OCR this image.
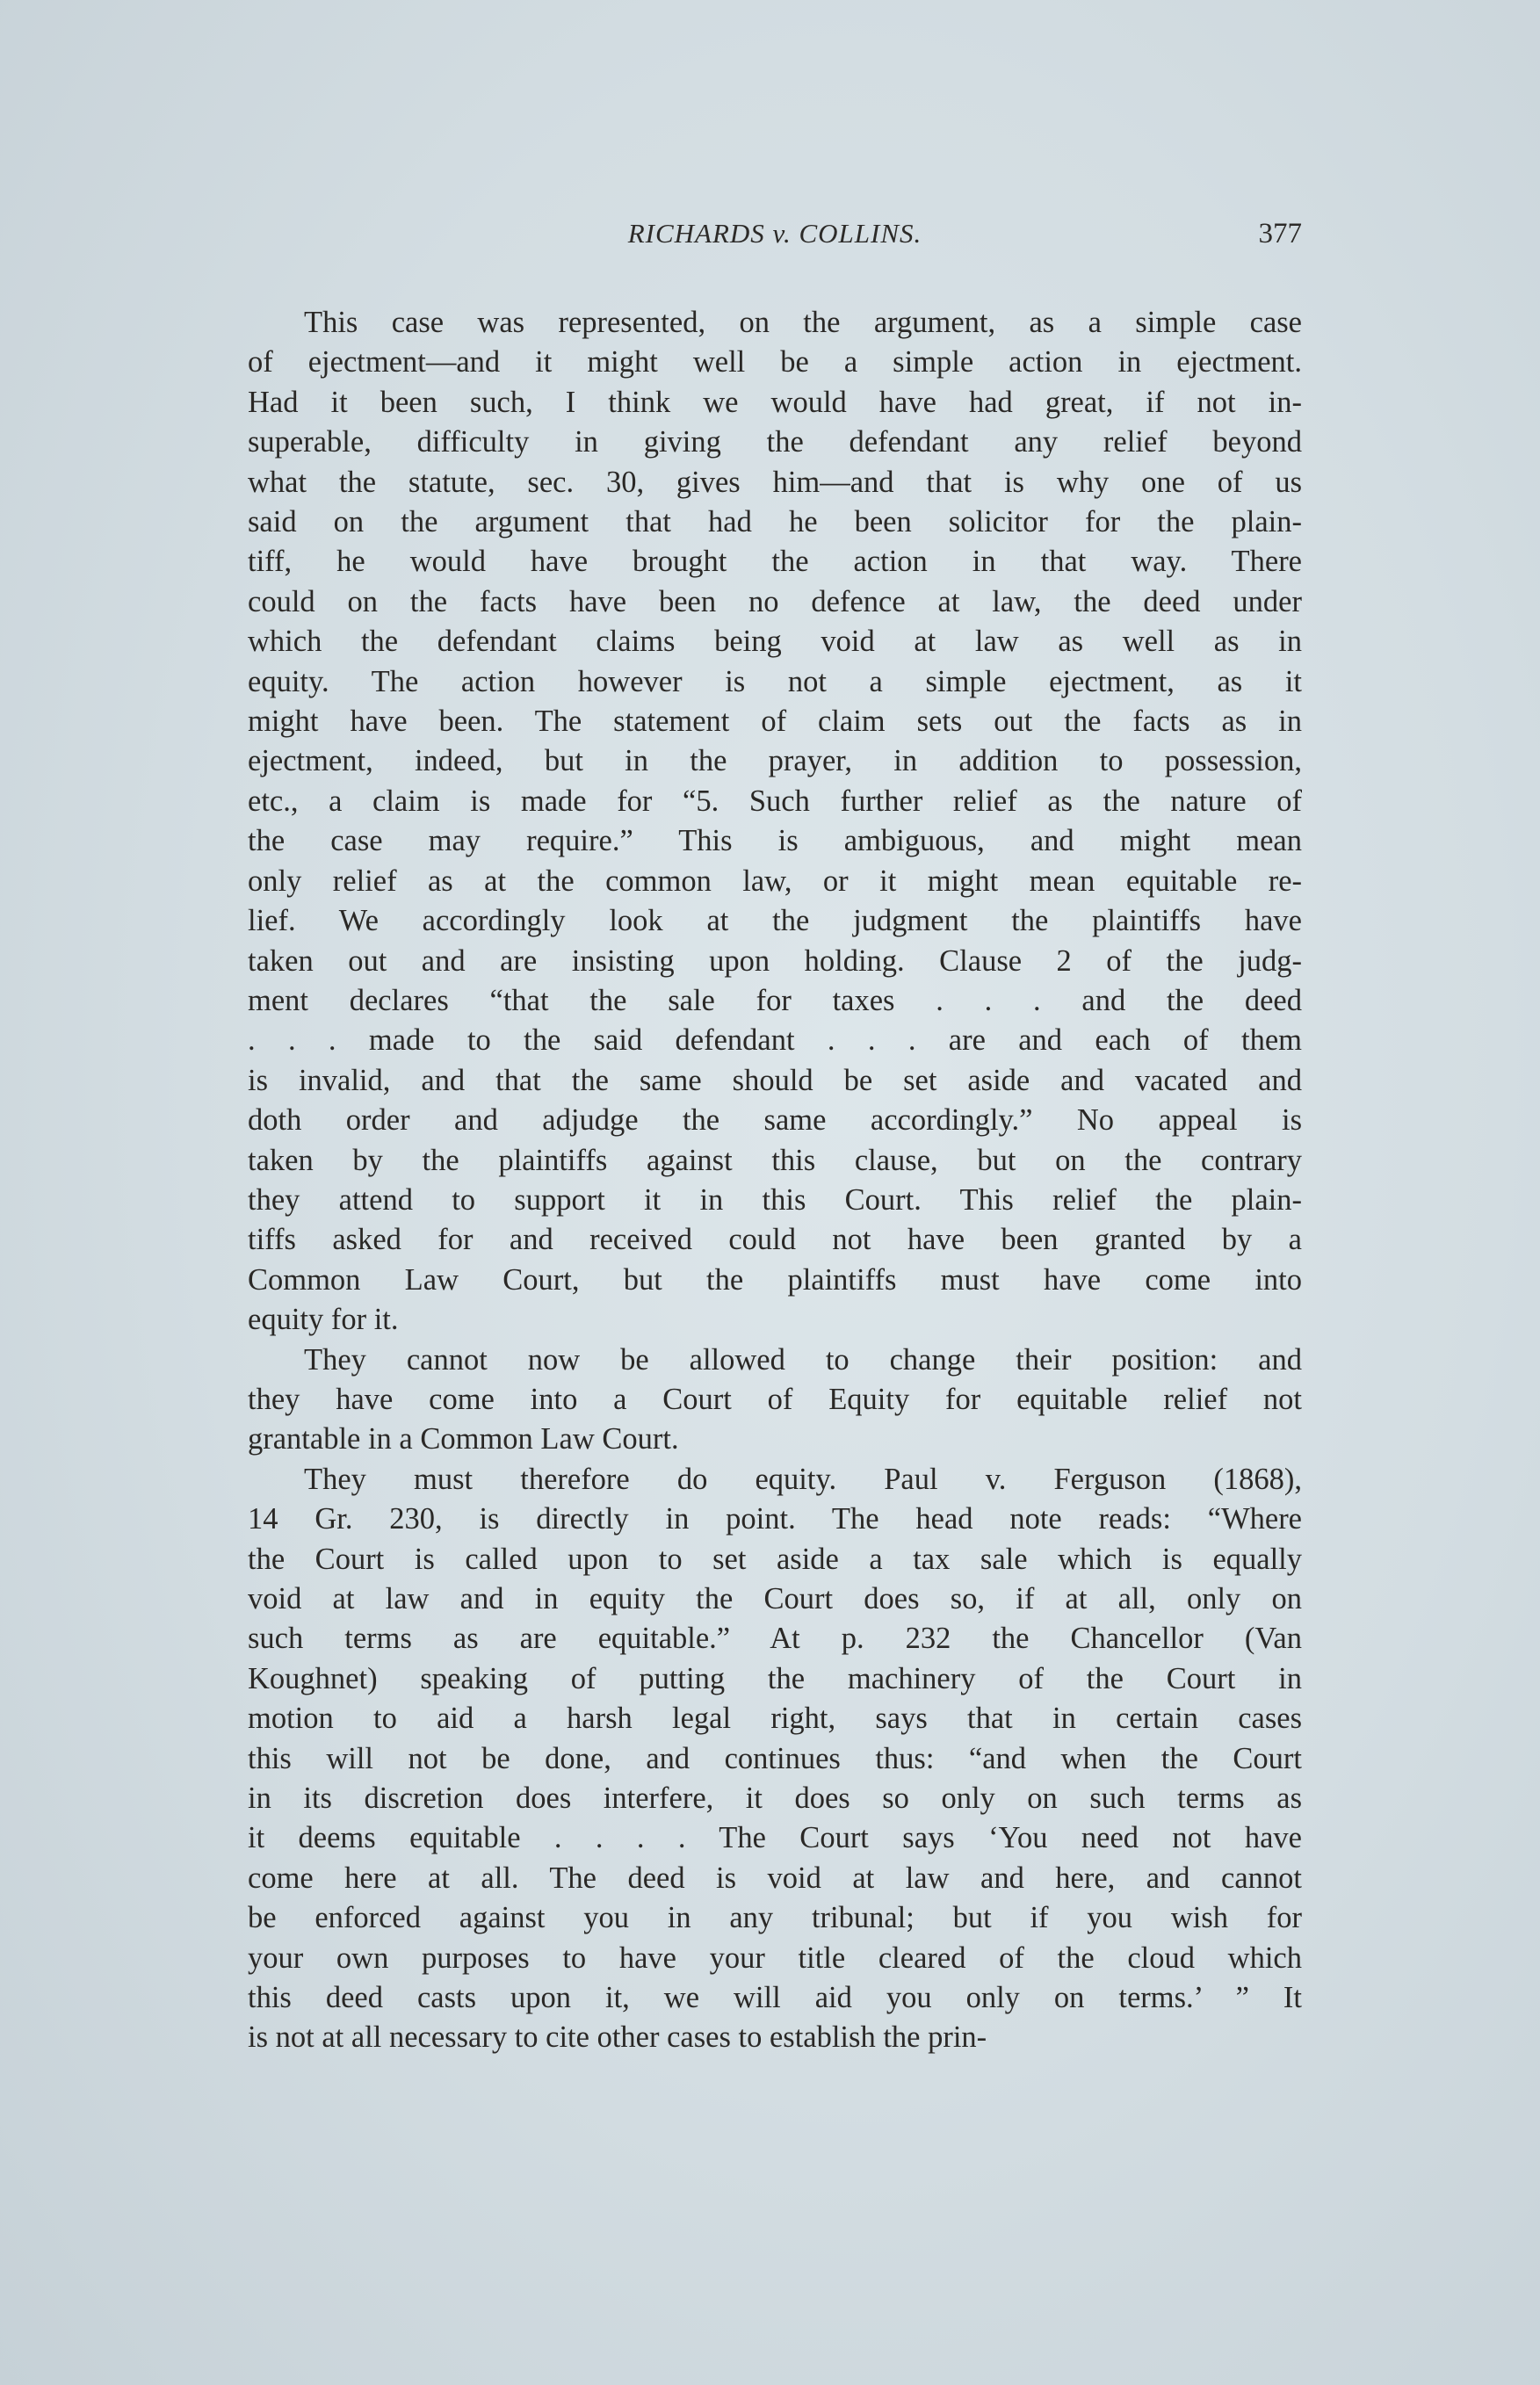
RICHARDS v. COLLINS.	377

This case was represented, on the argument, as a simple case
of ejectment—and it might well be a simple action in ejectment.
Had it been such, I think we would have had great, if not in-
superable, difficulty in giving the defendant any relief beyond
what the statute, sec. 30, gives him—and that is why one of us
said on the argument that had he been solicitor for the plain-
tiff, he would have brought the action in that way. There
could on the facts have been no defence at law, the deed under
which the defendant claims being void at law as well as in
equity. The action however is not a simple ejectment, as it
might have been. The statement of claim sets out the facts as in
ejectment, indeed, but in the prayer, in addition to possession,
etc., a claim is made for “5. Such further relief as the nature of
the case may require.” This is ambiguous, and might mean
only relief as at the common law, or it might mean equitable re-
lief. We accordingly look at the judgment the plaintiffs have
taken out and are insisting upon holding. Clause 2 of the judg-
ment declares “that the sale for taxes . . . and the deed
. . . made to the said defendant . . . are and each of them
is invalid, and that the same should be set aside and vacated and
doth order and adjudge the same accordingly.” No appeal is
taken by the plaintiffs against this clause, but on the contrary
they attend to support it in this Court. This relief the plain-
tiffs asked for and received could not have been granted by a
Common Law Court, but the plaintiffs must have come into
equity for it.

They cannot now be allowed to change their position: and
they have come into a Court of Equity for equitable relief not
grantable in a Common Law Court.

They must therefore do equity. Paul v. Ferguson (1868),
14 Gr. 230, is directly in point. The head note reads: “Where
the Court is called upon to set aside a tax sale which is equally
void at law and in equity the Court does so, if at all, only on
such terms as are equitable.” At p. 232 the Chancellor (Van
Koughnet) speaking of putting the machinery of the Court in
motion to aid a harsh legal right, says that in certain cases
this will not be done, and continues thus: “and when the Court
in its discretion does interfere, it does so only on such terms as
it deems equitable . . . . The Court says ‘You need not have
come here at all. The deed is void at law and here, and cannot
be enforced against you in any tribunal; but if you wish for
your own purposes to have your title cleared of the cloud which
this deed casts upon it, we will aid you only on terms.’ ” It
is not at all necessary to cite other cases to establish the prin-
